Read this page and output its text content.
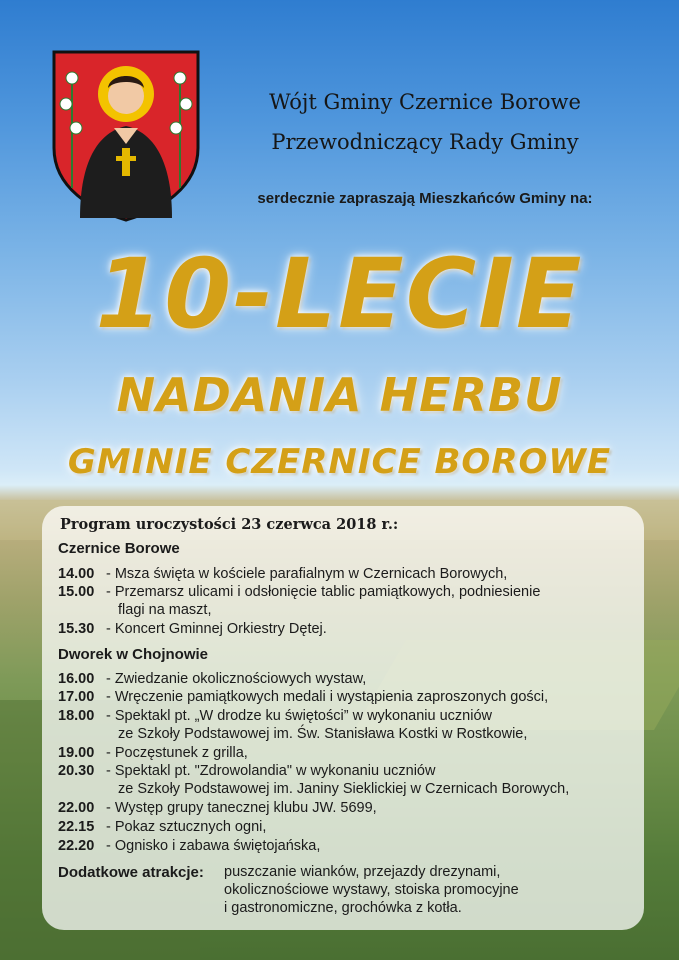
Wójt Gminy Czernice Borowe
Przewodniczący Rady Gminy
serdecznie zapraszają Mieszkańców Gminy na:
10-LECIE
NADANIA HERBU
GMINIE CZERNICE BOROWE
Program uroczystości 23 czerwca 2018 r.:
Czernice Borowe
14.00 - Msza święta w kościele parafialnym w Czernicach Borowych,
15.00 - Przemarsz ulicami i odsłonięcie tablic pamiątkowych, podniesienie
flagi na maszt,
15.30 - Koncert Gminnej Orkiestry Dętej.
Dworek w Chojnowie
16.00 - Zwiedzanie okolicznościowych wystaw,
17.00 - Wręczenie pamiątkowych medali i wystąpienia zaproszonych gości,
18.00 - Spektakl pt. „W drodze ku świętości” w wykonaniu uczniów
ze Szkoły Podstawowej im. Św. Stanisława Kostki w Rostkowie,
19.00 - Poczęstunek z grilla,
20.30 - Spektakl pt. "Zdrowolandia" w wykonaniu uczniów
ze Szkoły Podstawowej im. Janiny Sieklickiej w Czernicach Borowych,
22.00 - Występ grupy tanecznej klubu JW. 5699,
22.15 - Pokaz sztucznych ogni,
22.20 - Ognisko i zabawa świętojańska,
Dodatkowe atrakcje: puszczanie wianków, przejazdy drezynami,
okolicznościowe wystawy, stoiska promocyjne
i gastronomiczne, grochówka z kotła.
